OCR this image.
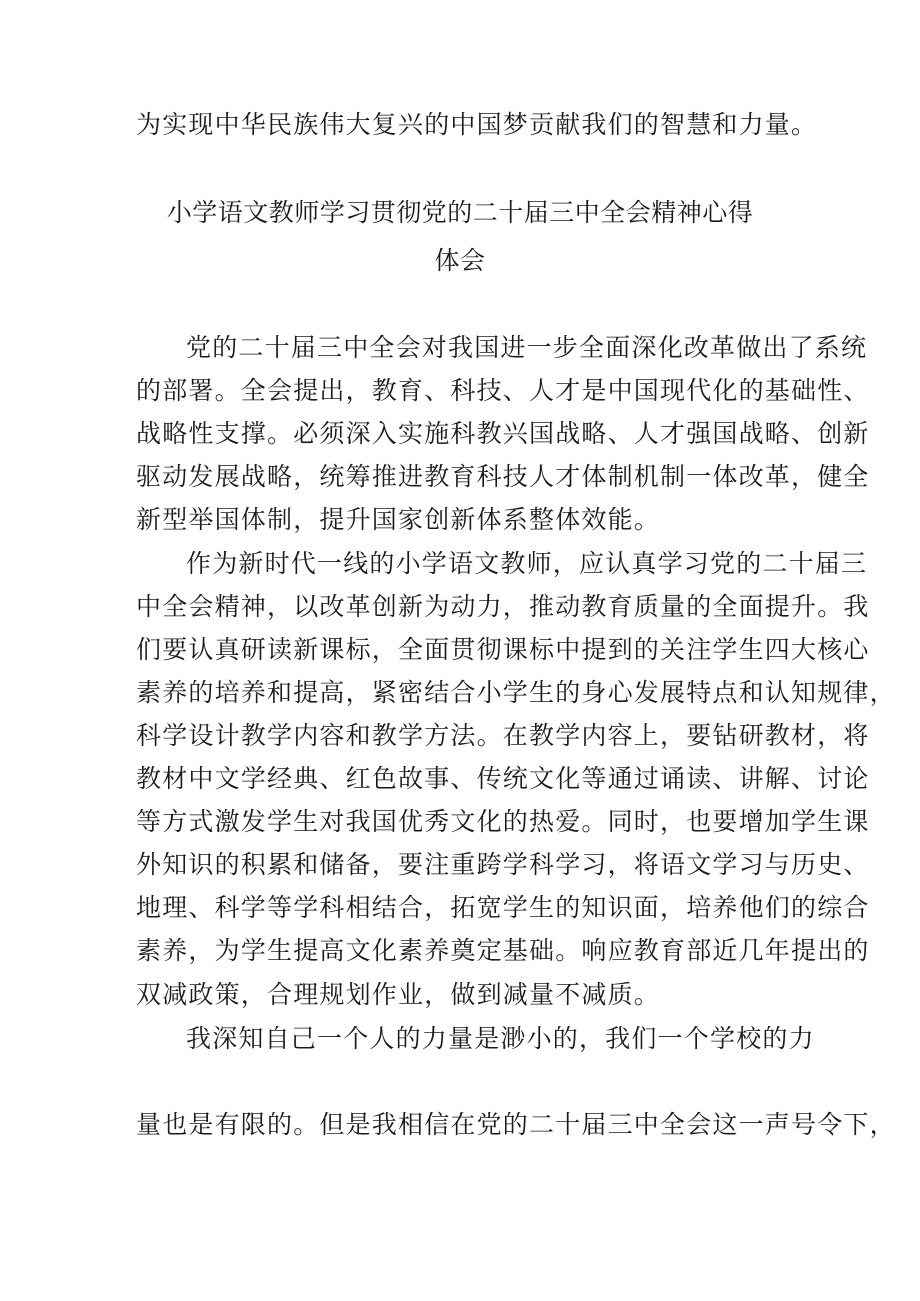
为实现中华民族伟大复兴的中国梦贡献我们的智慧和力量。
小学语文教师学习贯彻党的二十届三中全会精神心得
体会
党的二十届三中全会对我国进一步全面深化改革做出了系统
的部署。全会提出，教育、科技、人才是中国现代化的基础性、
战略性支撑。必须深入实施科教兴国战略、人才强国战略、创新
驱动发展战略，统筹推进教育科技人才体制机制一体改革，健全
新型举国体制，提升国家创新体系整体效能。
作为新时代一线的小学语文教师，应认真学习党的二十届三
中全会精神，以改革创新为动力，推动教育质量的全面提升。我
们要认真研读新课标，全面贯彻课标中提到的关注学生四大核心
素养的培养和提高，紧密结合小学生的身心发展特点和认知规律，
科学设计教学内容和教学方法。在教学内容上，要钻研教材，将
教材中文学经典、红色故事、传统文化等通过诵读、讲解、讨论
等方式激发学生对我国优秀文化的热爱。同时，也要增加学生课
外知识的积累和储备，要注重跨学科学习，将语文学习与历史、
地理、科学等学科相结合，拓宽学生的知识面，培养他们的综合
素养，为学生提高文化素养奠定基础。响应教育部近几年提出的
双减政策，合理规划作业，做到减量不减质。
我深知自己一个人的力量是渺小的，我们一个学校的力
量也是有限的。但是我相信在党的二十届三中全会这一声号令下，
